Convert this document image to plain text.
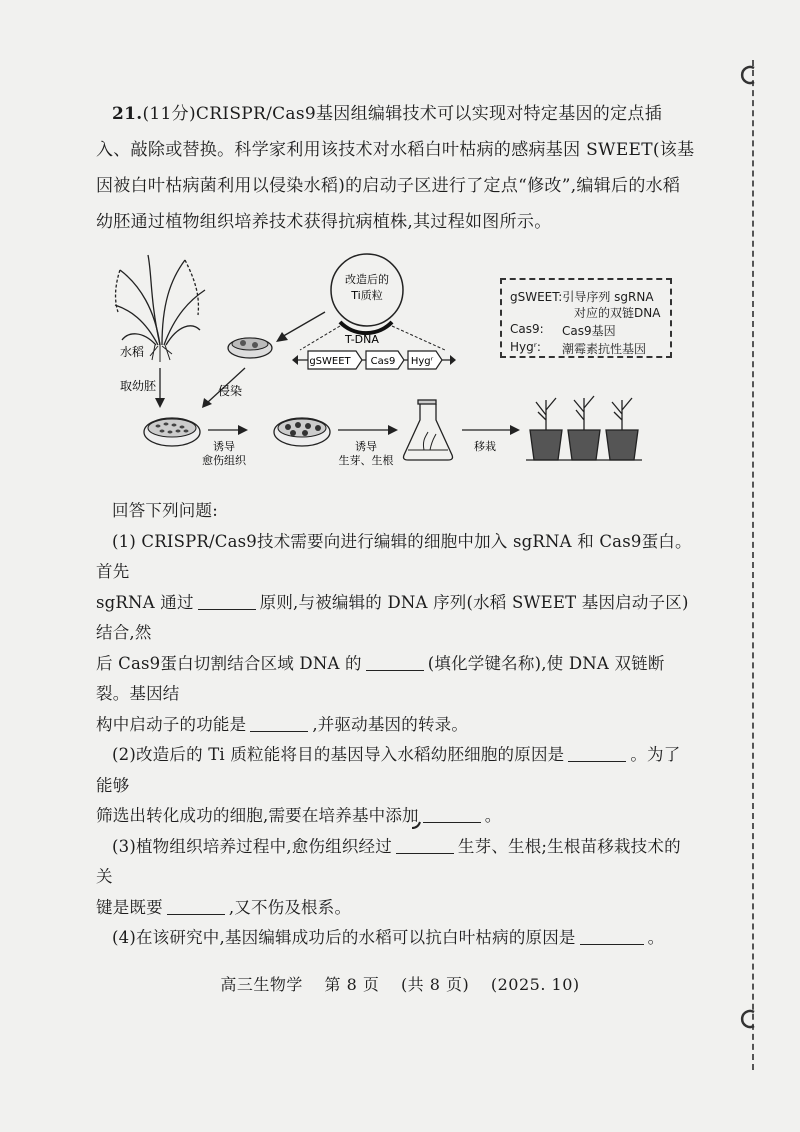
21.(11分)CRISPR/Cas9基因组编辑技术可以实现对特定基因的定点插入、敲除或替换。科学家利用该技术对水稻白叶枯病的感病基因 SWEET(该基因被白叶枯病菌利用以侵染水稻)的启动子区进行了定点“修改”,编辑后的水稻幼胚通过植物组织培养技术获得抗病植株,其过程如图所示。
水稻
取幼胚	侵染
改造后的
Ti质粒
T-DNA
gSWEET Cas9 Hygʳ
诱导
愈伤组织
诱导
生芽、生根
移栽
gSWEET:引导序列 sgRNA
对应的双链DNA
Cas9: Cas9基因
Hygʳ: 潮霉素抗性基因

回答下列问题:

(1) CRISPR/Cas9技术需要向进行编辑的细胞中加入 sgRNA 和 Cas9蛋白。首先

sgRNA 通过	原则,与被编辑的 DNA 序列(水稻 SWEET 基因启动子区)结合,然

后 Cas9蛋白切割结合区域 DNA 的	(填化学键名称),使 DNA 双链断裂。基因结

构中启动子的功能是	,并驱动基因的转录。

(2)改造后的 Ti 质粒能将目的基因导入水稻幼胚细胞的原因是	。为了能够

筛选出转化成功的细胞,需要在培养基中添加	。

(3)植物组织培养过程中,愈伤组织经过	生芽、生根;生根苗移栽技术的关

键是既要	,又不伤及根系。

(4)在该研究中,基因编辑成功后的水稻可以抗白叶枯病的原因是	。

高三生物学 第 8 页 (共 8 页) (2025. 10)
